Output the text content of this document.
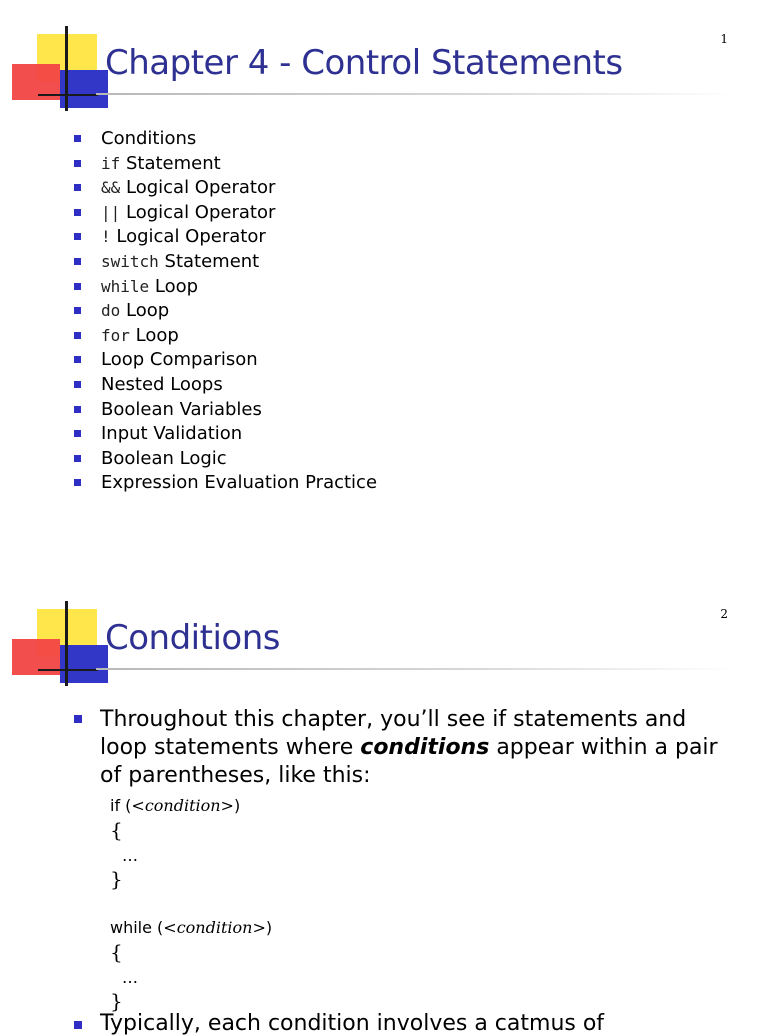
Chapter 4 - Control Statements
1
Conditions
if Statement
&& Logical Operator
|| Logical Operator
! Logical Operator
switch Statement
while Loop
do Loop
for Loop
Loop Comparison
Nested Loops
Boolean Variables
Input Validation
Boolean Logic
Expression Evaluation Practice
Conditions
2
Throughout this chapter, you’ll see if statements and loop statements where conditions appear within a pair of parentheses, like this:
if (<condition>)
{
…
}
while (<condition>)
{
…
}
Typically, each condition involves a catmus of
